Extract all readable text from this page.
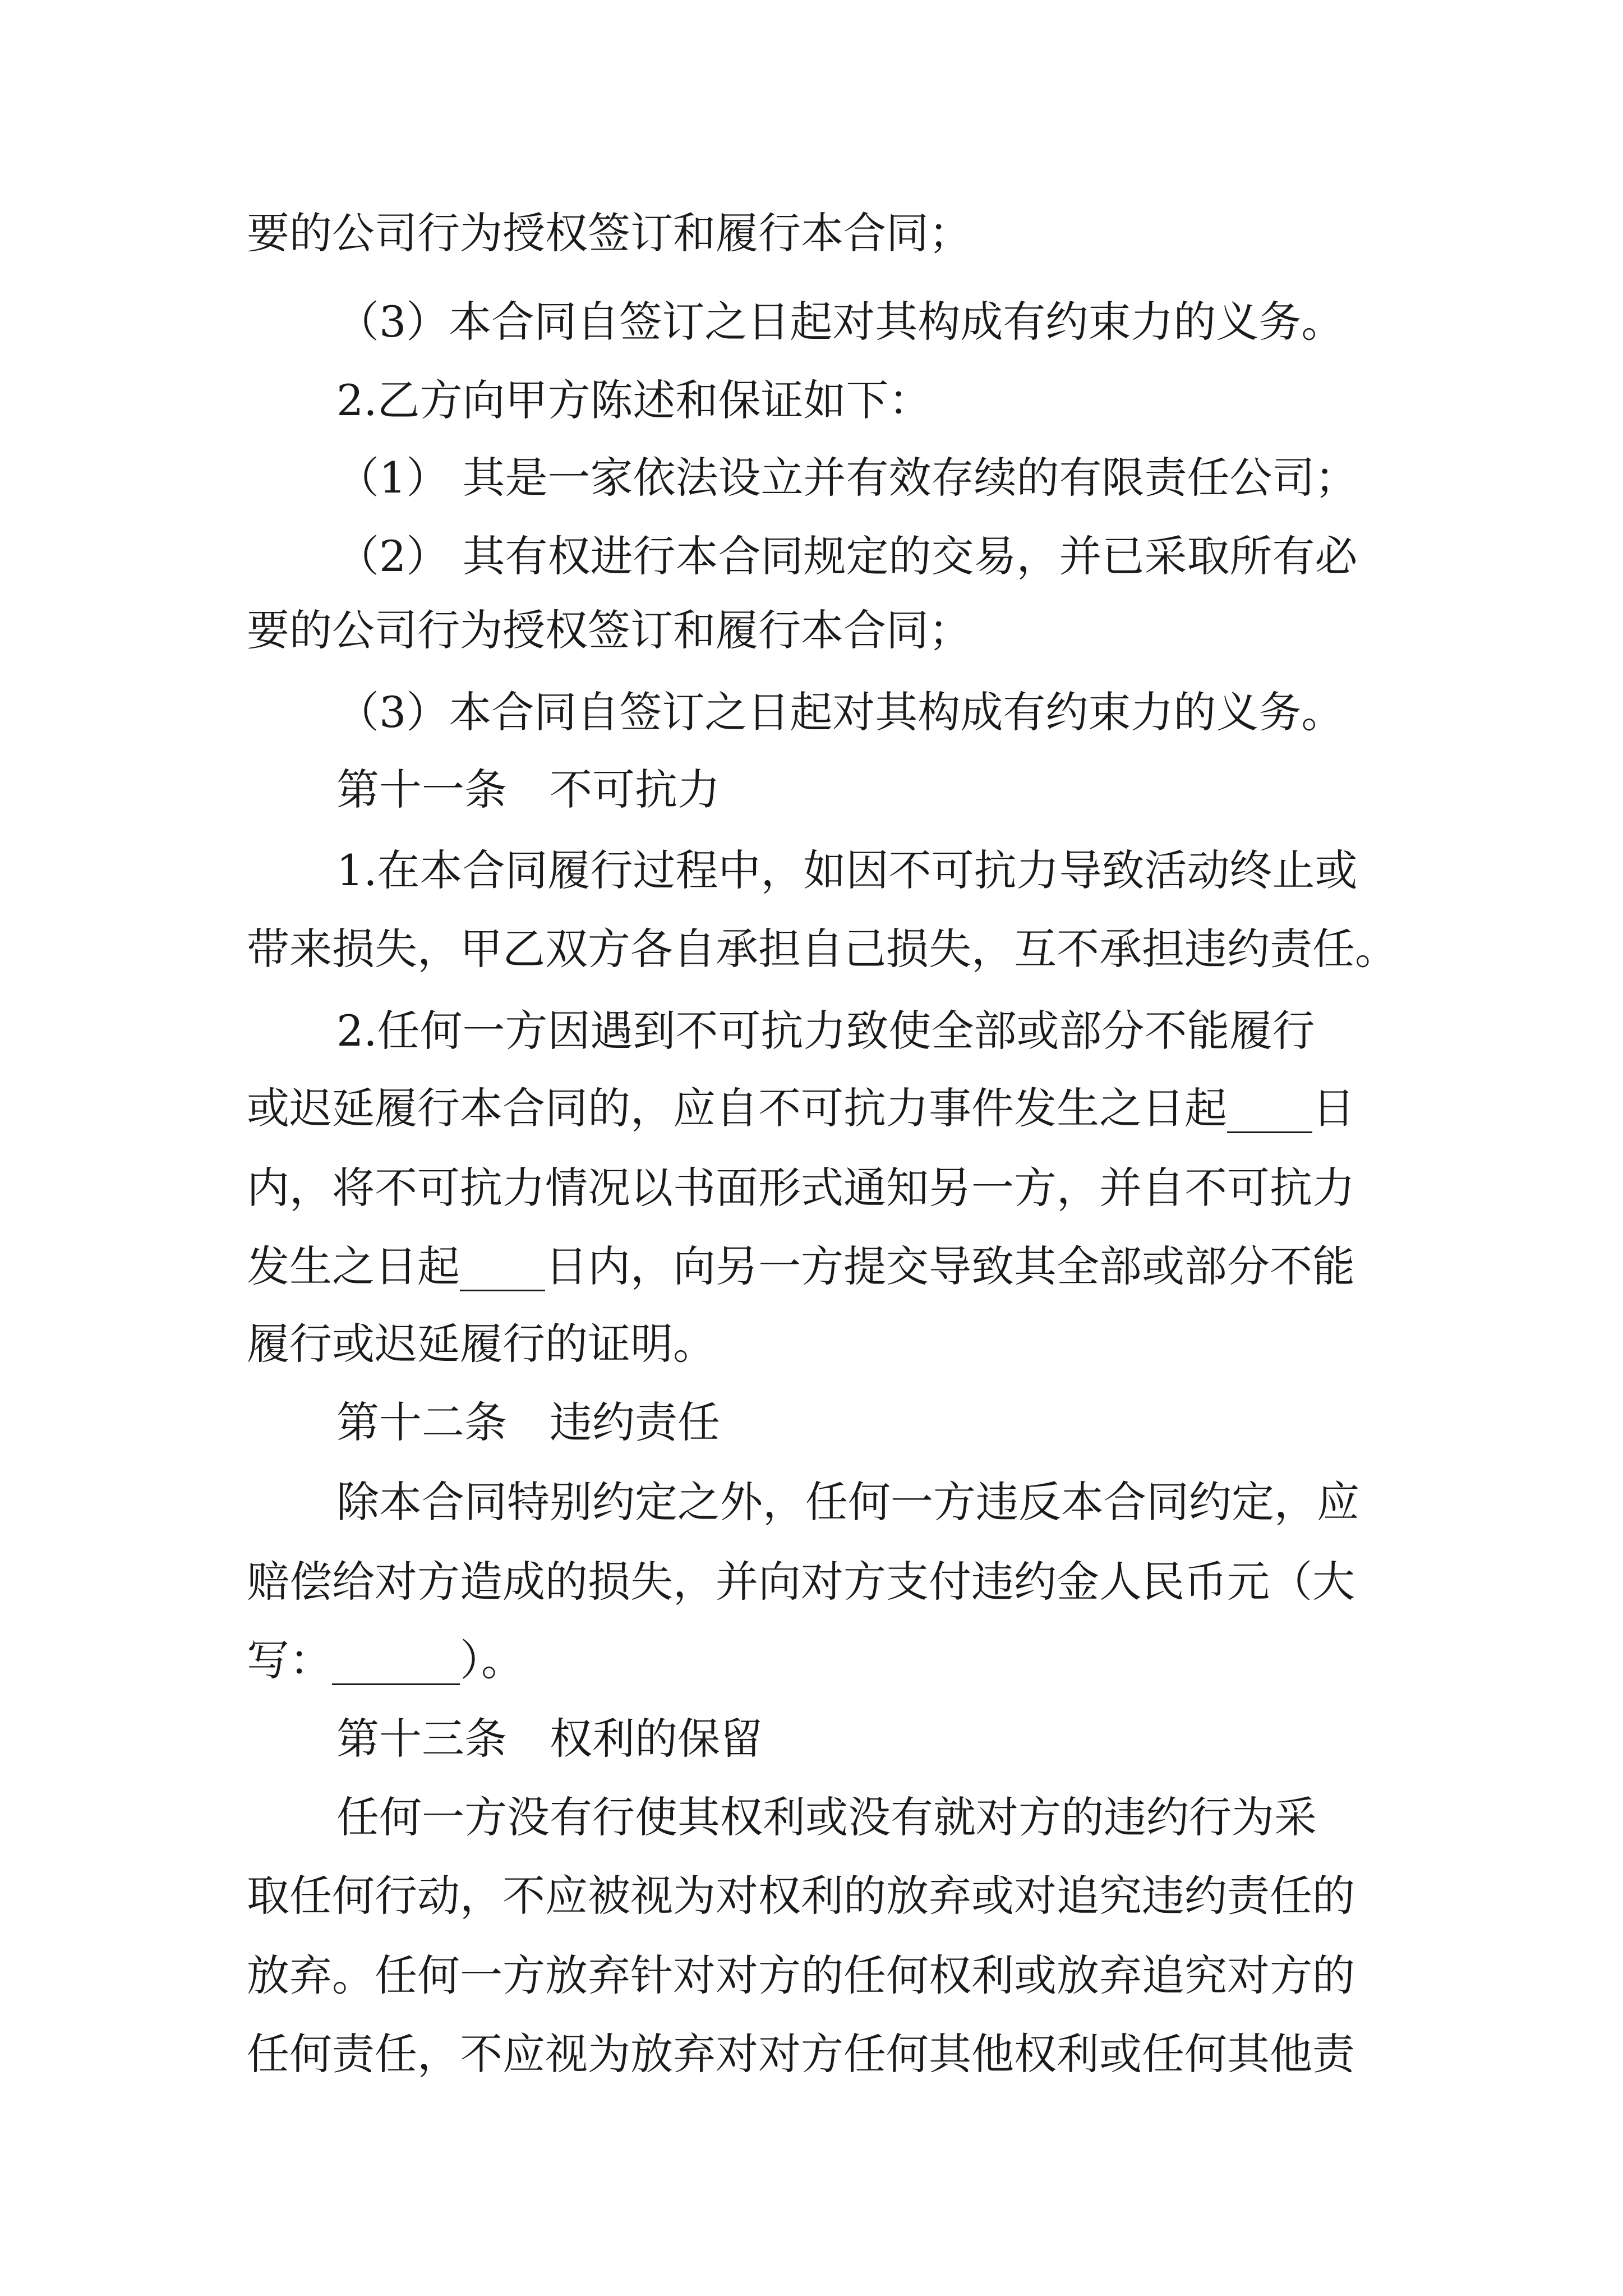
要的公司行为授权签订和履行本合同；
（3）本合同自签订之日起对其构成有约束力的义务。
2.乙方向甲方陈述和保证如下：
（1） 其是一家依法设立并有效存续的有限责任公司；
（2） 其有权进行本合同规定的交易，并已采取所有必
要的公司行为授权签订和履行本合同；
（3）本合同自签订之日起对其构成有约束力的义务。
第十一条　不可抗力
1.在本合同履行过程中，如因不可抗力导致活动终止或
带来损失，甲乙双方各自承担自己损失，互不承担违约责任。
2.任何一方因遇到不可抗力致使全部或部分不能履行
或迟延履行本合同的，应自不可抗力事件发生之日起____日
内，将不可抗力情况以书面形式通知另一方，并自不可抗力
发生之日起____日内，向另一方提交导致其全部或部分不能
履行或迟延履行的证明。
第十二条　违约责任
除本合同特别约定之外，任何一方违反本合同约定，应
赔偿给对方造成的损失，并向对方支付违约金人民币元（大
写：______）。
第十三条　权利的保留
任何一方没有行使其权利或没有就对方的违约行为采
取任何行动，不应被视为对权利的放弃或对追究违约责任的
放弃。任何一方放弃针对对方的任何权利或放弃追究对方的
任何责任，不应视为放弃对对方任何其他权利或任何其他责
